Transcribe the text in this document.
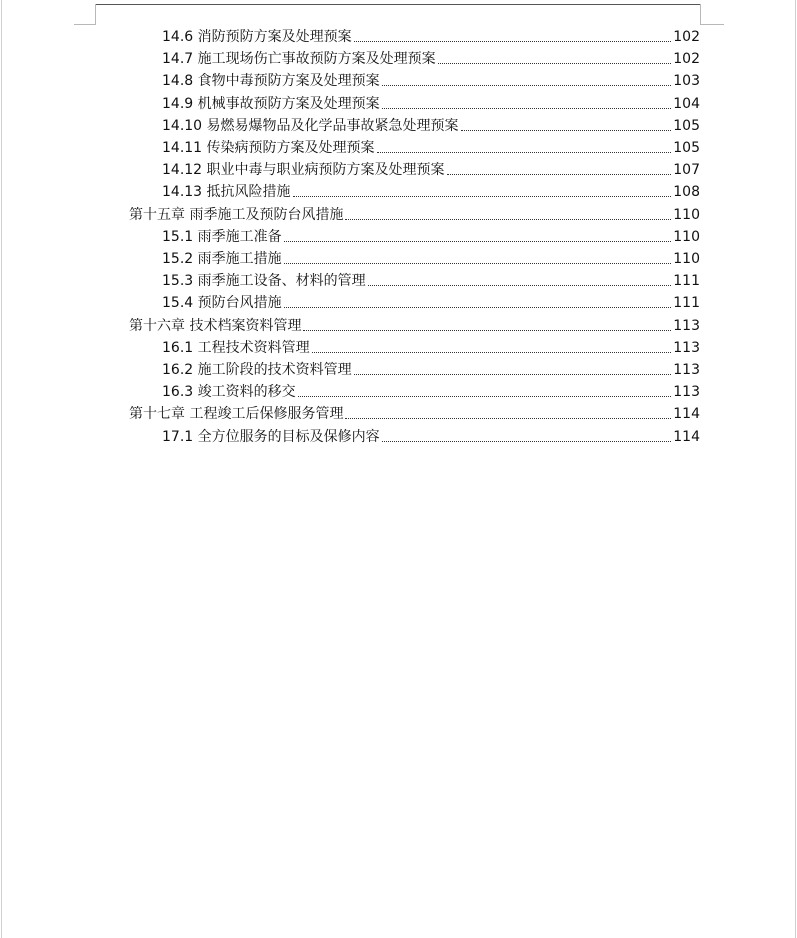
14.6 消防预防方案及处理预案	102
14.7 施工现场伤亡事故预防方案及处理预案	102
14.8 食物中毒预防方案及处理预案	103
14.9 机械事故预防方案及处理预案	104
14.10 易燃易爆物品及化学品事故紧急处理预案	105
14.11 传染病预防方案及处理预案	105
14.12 职业中毒与职业病预防方案及处理预案	107
14.13 抵抗风险措施	108
第十五章 雨季施工及预防台风措施	110
15.1 雨季施工准备	110
15.2 雨季施工措施	110
15.3 雨季施工设备、材料的管理	111
15.4 预防台风措施	111
第十六章 技术档案资料管理	113
16.1 工程技术资料管理	113
16.2 施工阶段的技术资料管理	113
16.3 竣工资料的移交	113
第十七章 工程竣工后保修服务管理	114
17.1 全方位服务的目标及保修内容	114
